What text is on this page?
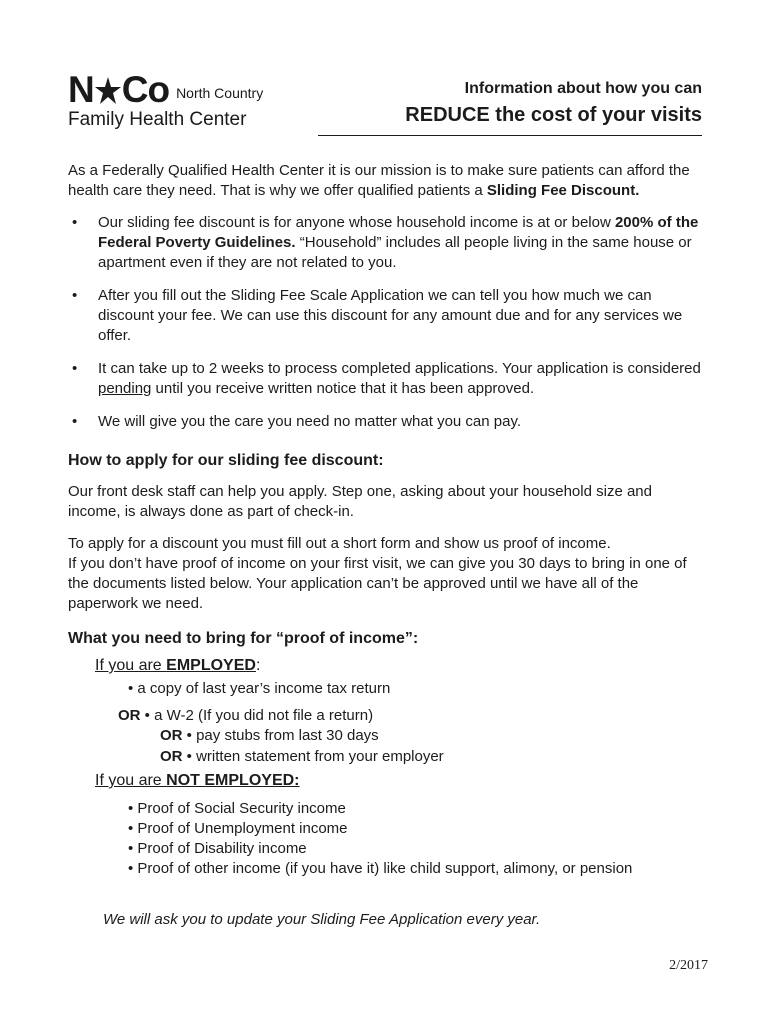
N Co North Country
Family Health Center
Information about how you can
REDUCE the cost of your visits
As a Federally Qualified Health Center it is our mission is to make sure patients can afford the health care they need. That is why we offer qualified patients a Sliding Fee Discount.
• Our sliding fee discount is for anyone whose household income is at or below 200% of the Federal Poverty Guidelines. “Household” includes all people living in the same house or apartment even if they are not related to you.
• After you fill out the Sliding Fee Scale Application we can tell you how much we can discount your fee. We can use this discount for any amount due and for any services we offer.
• It can take up to 2 weeks to process completed applications. Your application is considered pending until you receive written notice that it has been approved.
• We will give you the care you need no matter what you can pay.
How to apply for our sliding fee discount:
Our front desk staff can help you apply. Step one, asking about your household size and income, is always done as part of check-in.
To apply for a discount you must fill out a short form and show us proof of income.
If you don’t have proof of income on your first visit, we can give you 30 days to bring in one of the documents listed below. Your application can’t be approved until we have all of the paperwork we need.
What you need to bring for “proof of income”:
If you are EMPLOYED:
• a copy of last year’s income tax return
OR • a W-2 (If you did not file a return)
OR • pay stubs from last 30 days
OR • written statement from your employer
If you are NOT EMPLOYED:
• Proof of Social Security income
• Proof of Unemployment income
• Proof of Disability income
• Proof of other income (if you have it) like child support, alimony, or pension
We will ask you to update your Sliding Fee Application every year.
2/2017
